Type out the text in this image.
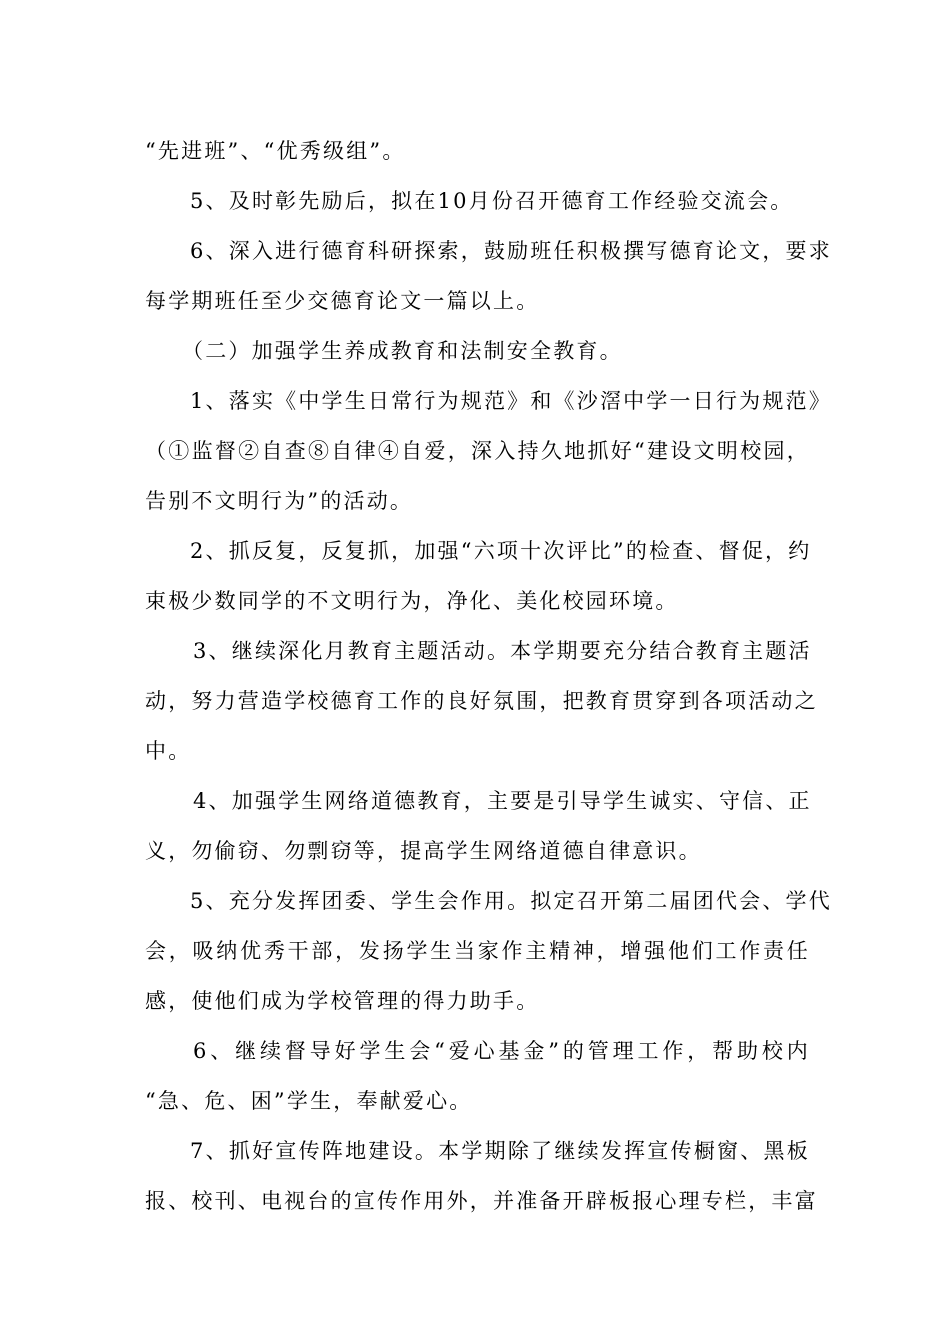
“先进班”、“优秀级组”。
5、及时彰先励后，拟在10月份召开德育工作经验交流会。
6、深入进行德育科研探索，鼓励班任积极撰写德育论文，要求
每学期班任至少交德育论文一篇以上。
（二）加强学生养成教育和法制安全教育。
1、落实《中学生日常行为规范》和《沙滘中学一日行为规范》
（①监督②自查⑧自律④自爱，深入持久地抓好“建设文明校园，
告别不文明行为”的活动。
2、抓反复，反复抓，加强“六项十次评比”的检查、督促，约
束极少数同学的不文明行为，净化、美化校园环境。
3、继续深化月教育主题活动。本学期要充分结合教育主题活
动，努力营造学校德育工作的良好氛围，把教育贯穿到各项活动之
中。
4、加强学生网络道德教育，主要是引导学生诚实、守信、正
义，勿偷窃、勿剽窃等，提高学生网络道德自律意识。
5、充分发挥团委、学生会作用。拟定召开第二届团代会、学代
会，吸纳优秀干部，发扬学生当家作主精神，增强他们工作责任
感，使他们成为学校管理的得力助手。
6、继续督导好学生会“爱心基金”的管理工作，帮助校内
“急、危、困”学生，奉献爱心。
7、抓好宣传阵地建设。本学期除了继续发挥宣传橱窗、黑板
报、校刊、电视台的宣传作用外，并准备开辟板报心理专栏，丰富
